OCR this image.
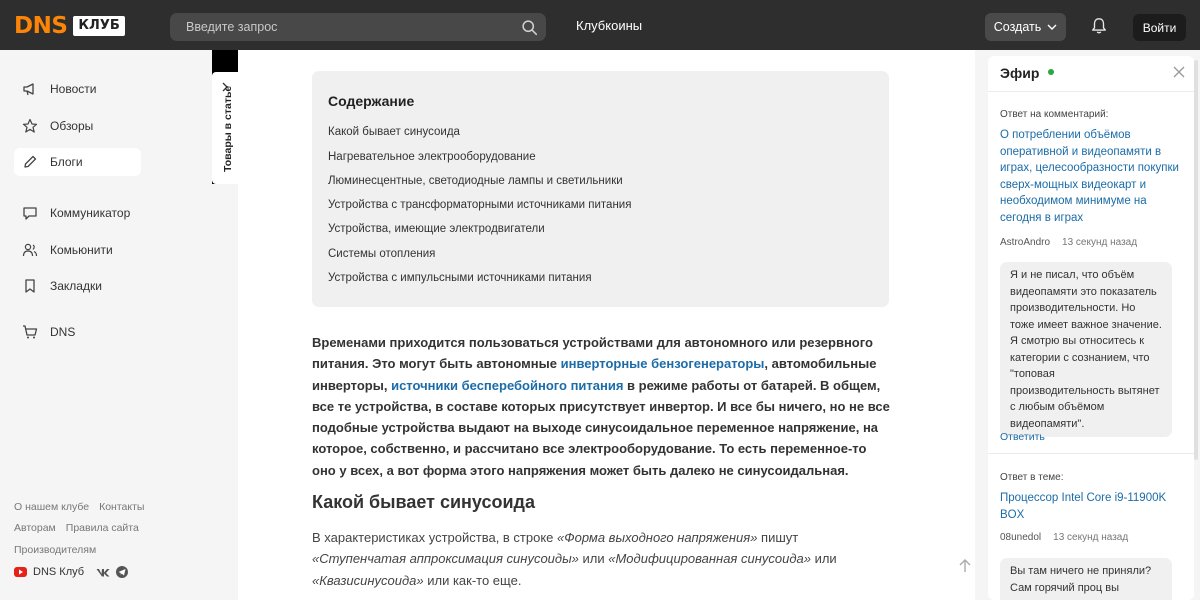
DNS КЛУБ
Введите запрос	Клубкоины	Создать	Войти
Новости
Обзоры
Блоги
Коммуникатор
Комьюнити
Закладки
DNS
О нашем клубе Контакты
Авторам Правила сайта
Производителям
DNS Клуб
Товары в статье	Содержание
Какой бывает синусоида
Нагревательное электрооборудование
Люминесцентные, светодиодные лампы и светильники
Устройства с трансформаторными источниками питания
Устройства, имеющие электродвигатели
Системы отопления
Устройства с импульсными источниками питания
Временами приходится пользоваться устройствами для автономного или резервного питания. Это могут быть автономные инверторные бензогенераторы, автомобильные инверторы, источники бесперебойного питания в режиме работы от батарей. В общем, все те устройства, в составе которых присутствует инвертор. И все бы ничего, но не все подобные устройства выдают на выходе синусоидальное переменное напряжение, на которое, собственно, и рассчитано все электрооборудование. То есть переменное-то оно у всех, а вот форма этого напряжения может быть далеко не синусоидальная.
Какой бывает синусоида
В характеристиках устройства, в строке «Форма выходного напряжения» пишут «Ступенчатая аппроксимация синусоиды» или «Модифицированная синусоида» или «Квазисинусоида» или как-то еще.
Эфир
Ответ на комментарий:
О потреблении объёмов оперативной и видеопамяти в играх, целесообразности покупки сверх-мощных видеокарт и необходимом минимуме на сегодня в играх
AstroAndro 13 секунд назад
Я и не писал, что объём видеопамяти это показатель производительности. Но тоже имеет важное значение. Я смотрю вы относитесь к категории с сознанием, что "топовая производительность вытянет с любым объёмом видеопамяти".
Ответить
Ответ в теме:
Процессор Intel Core i9-11900K BOX
08unedol 13 секунд назад
Вы там ничего не приняли? Сам горячий проц вы
